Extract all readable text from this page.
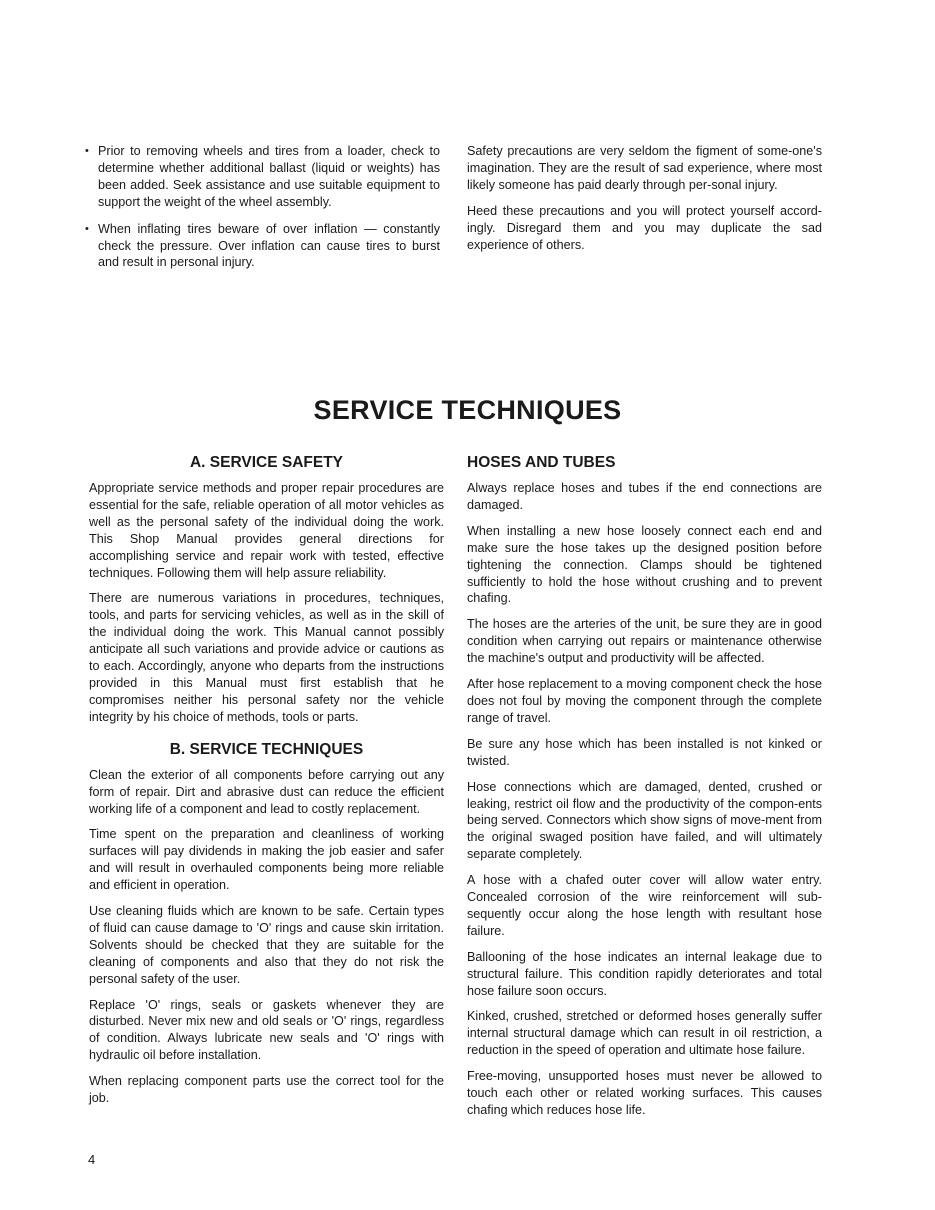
• Prior to removing wheels and tires from a loader, check to determine whether additional ballast (liquid or weights) has been added. Seek assistance and use suitable equipment to support the weight of the wheel assembly.
• When inflating tires beware of over inflation — constantly check the pressure. Over inflation can cause tires to burst and result in personal injury.

Safety precautions are very seldom the figment of some-one's imagination. They are the result of sad experience, where most likely someone has paid dearly through per-sonal injury.

Heed these precautions and you will protect yourself accord-ingly. Disregard them and you may duplicate the sad experience of others.

SERVICE TECHNIQUES
A. SERVICE SAFETY

Appropriate service methods and proper repair procedures are essential for the safe, reliable operation of all motor vehicles as well as the personal safety of the individual doing the work. This Shop Manual provides general directions for accomplishing service and repair work with tested, effective techniques. Following them will help assure reliability.

There are numerous variations in procedures, techniques, tools, and parts for servicing vehicles, as well as in the skill of the individual doing the work. This Manual cannot possibly anticipate all such variations and provide advice or cautions as to each. Accordingly, anyone who departs from the instructions provided in this Manual must first establish that he compromises neither his personal safety nor the vehicle integrity by his choice of methods, tools or parts.

B. SERVICE TECHNIQUES

Clean the exterior of all components before carrying out any form of repair. Dirt and abrasive dust can reduce the efficient working life of a component and lead to costly replacement.

Time spent on the preparation and cleanliness of working surfaces will pay dividends in making the job easier and safer and will result in overhauled components being more reliable and efficient in operation.

Use cleaning fluids which are known to be safe. Certain types of fluid can cause damage to 'O' rings and cause skin irritation. Solvents should be checked that they are suitable for the cleaning of components and also that they do not risk the personal safety of the user.

Replace 'O' rings, seals or gaskets whenever they are disturbed. Never mix new and old seals or 'O' rings, regardless of condition. Always lubricate new seals and 'O' rings with hydraulic oil before installation.

When replacing component parts use the correct tool for the job.

HOSES AND TUBES

Always replace hoses and tubes if the end connections are damaged.

When installing a new hose loosely connect each end and make sure the hose takes up the designed position before tightening the connection. Clamps should be tightened sufficiently to hold the hose without crushing and to prevent chafing.

The hoses are the arteries of the unit, be sure they are in good condition when carrying out repairs or maintenance otherwise the machine's output and productivity will be affected.

After hose replacement to a moving component check the hose does not foul by moving the component through the complete range of travel.

Be sure any hose which has been installed is not kinked or twisted.

Hose connections which are damaged, dented, crushed or leaking, restrict oil flow and the productivity of the compon-ents being served. Connectors which show signs of move-ment from the original swaged position have failed, and will ultimately separate completely.

A hose with a chafed outer cover will allow water entry. Concealed corrosion of the wire reinforcement will sub-sequently occur along the hose length with resultant hose failure.

Ballooning of the hose indicates an internal leakage due to structural failure. This condition rapidly deteriorates and total hose failure soon occurs.

Kinked, crushed, stretched or deformed hoses generally suffer internal structural damage which can result in oil restriction, a reduction in the speed of operation and ultimate hose failure.

Free-moving, unsupported hoses must never be allowed to touch each other or related working surfaces. This causes chafing which reduces hose life.

4
